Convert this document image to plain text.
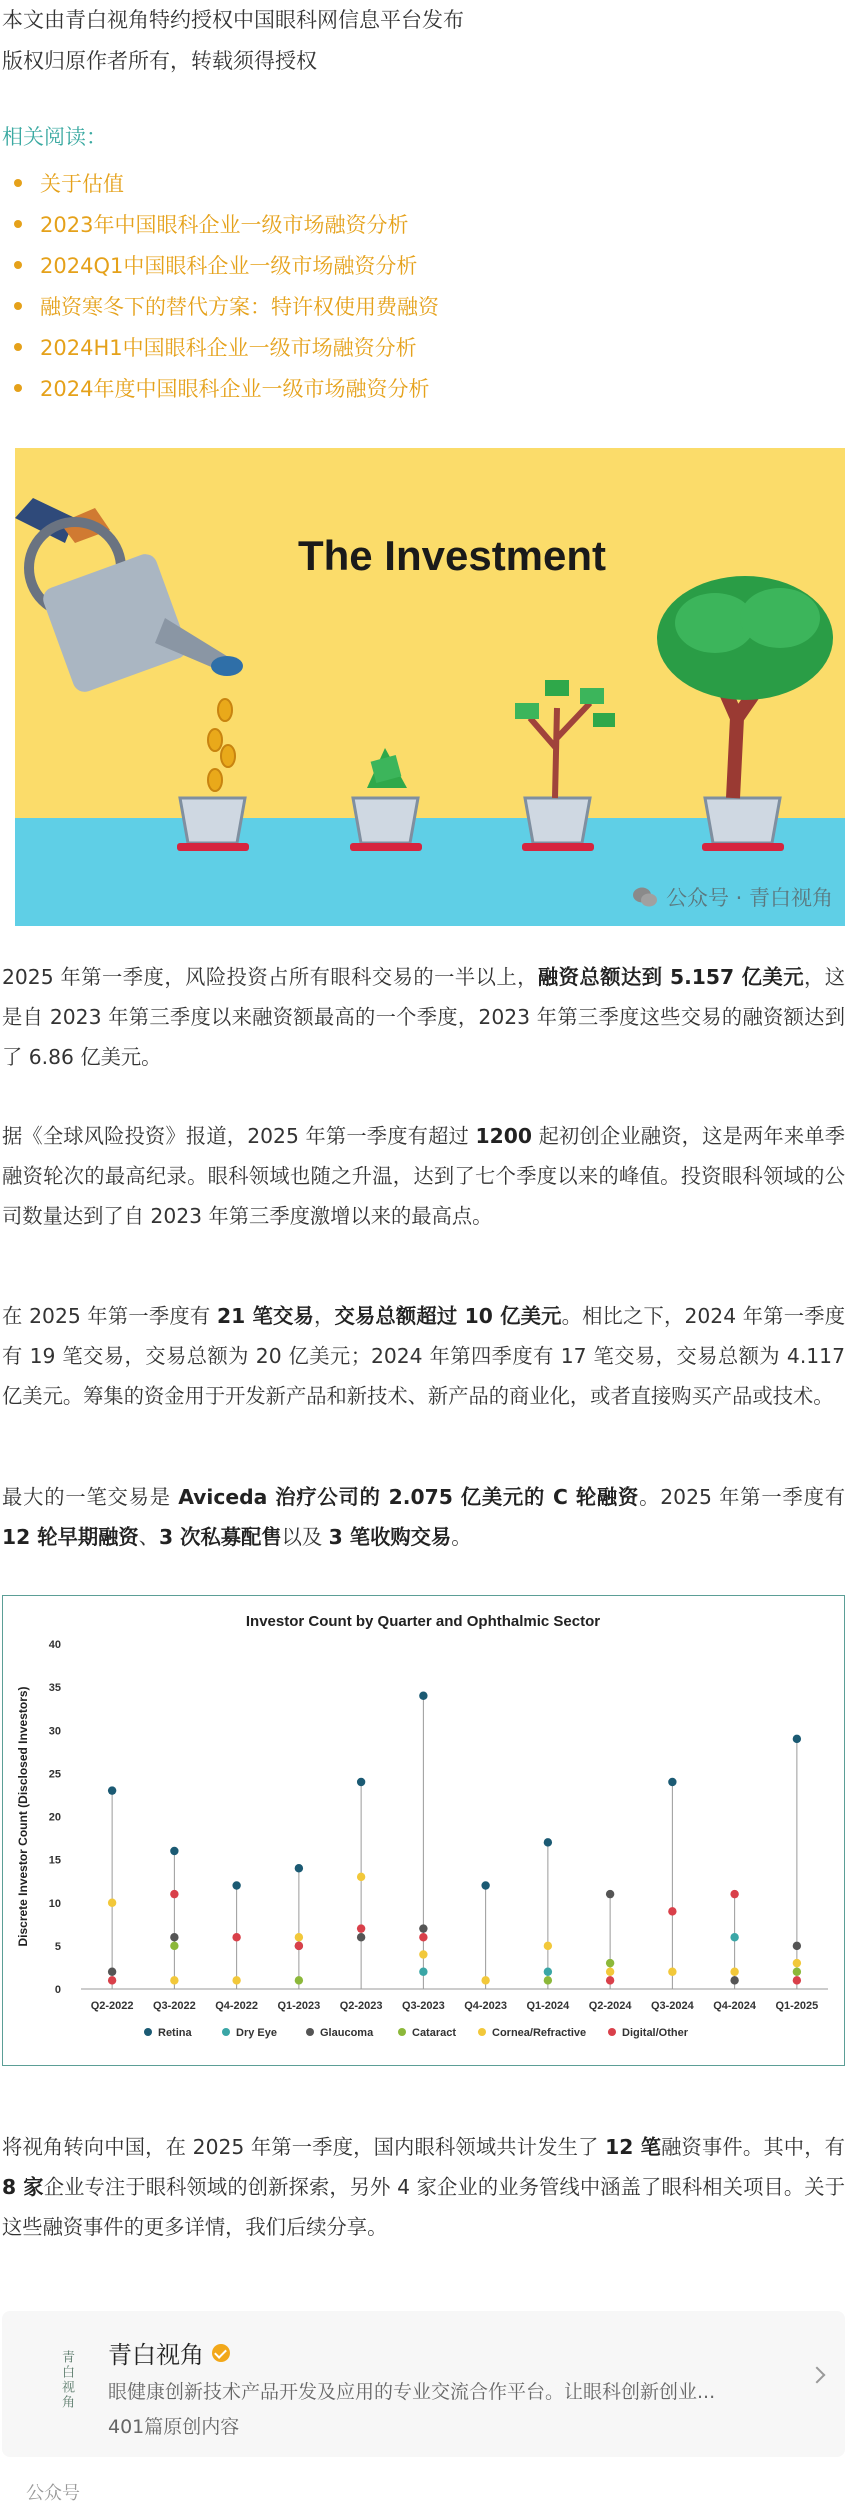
本文由青白视角特约授权中国眼科网信息平台发布
版权归原作者所有，转载须得授权
相关阅读：
关于估值
2023年中国眼科企业一级市场融资分析
2024Q1中国眼科企业一级市场融资分析
融资寒冬下的替代方案：特许权使用费融资
2024H1中国眼科企业一级市场融资分析
2024年度中国眼科企业一级市场融资分析
The Investment
公众号 · 青白视角

2025 年第一季度，风险投资占所有眼科交易的一半以上，融资总额达到 5.157 亿美元，这是自 2023 年第三季度以来融资额最高的一个季度，2023 年第三季度这些交易的融资额达到了 6.86 亿美元。

据《全球风险投资》报道，2025 年第一季度有超过 1200 起初创企业融资，这是两年来单季融资轮次的最高纪录。眼科领域也随之升温，达到了七个季度以来的峰值。投资眼科领域的公司数量达到了自 2023 年第三季度激增以来的最高点。

在 2025 年第一季度有 21 笔交易，交易总额超过 10 亿美元。相比之下，2024 年第一季度有 19 笔交易，交易总额为 20 亿美元；2024 年第四季度有 17 笔交易，交易总额为 4.117 亿美元。筹集的资金用于开发新产品和新技术、新产品的商业化，或者直接购买产品或技术。

最大的一笔交易是 Aviceda 治疗公司的 2.075 亿美元的 C 轮融资。2025 年第一季度有 12 轮早期融资、3 次私募配售以及 3 笔收购交易。

Investor Count by Quarter and Ophthalmic Sector
Discrete Investor Count (Disclosed Investors)
0
5
10
15
20
25
30
35
40
Q2-2022 Q3-2022 Q4-2022 Q1-2023 Q2-2023 Q3-2023 Q4-2023 Q1-2024 Q2-2024 Q3-2024 Q4-2024 Q1-2025
Retina	Dry Eye	Glaucoma	Cataract	Cornea/Refractive	Digital/Other

将视角转向中国，在 2025 年第一季度，国内眼科领域共计发生了 12 笔融资事件。其中，有 8 家企业专注于眼科领域的创新探索，另外 4 家企业的业务管线中涵盖了眼科相关项目。关于这些融资事件的更多详情，我们后续分享。

青白视角 青白视角
眼健康创新技术产品开发及应用的专业交流合作平台。让眼科创新创业...
401篇原创内容
公众号
